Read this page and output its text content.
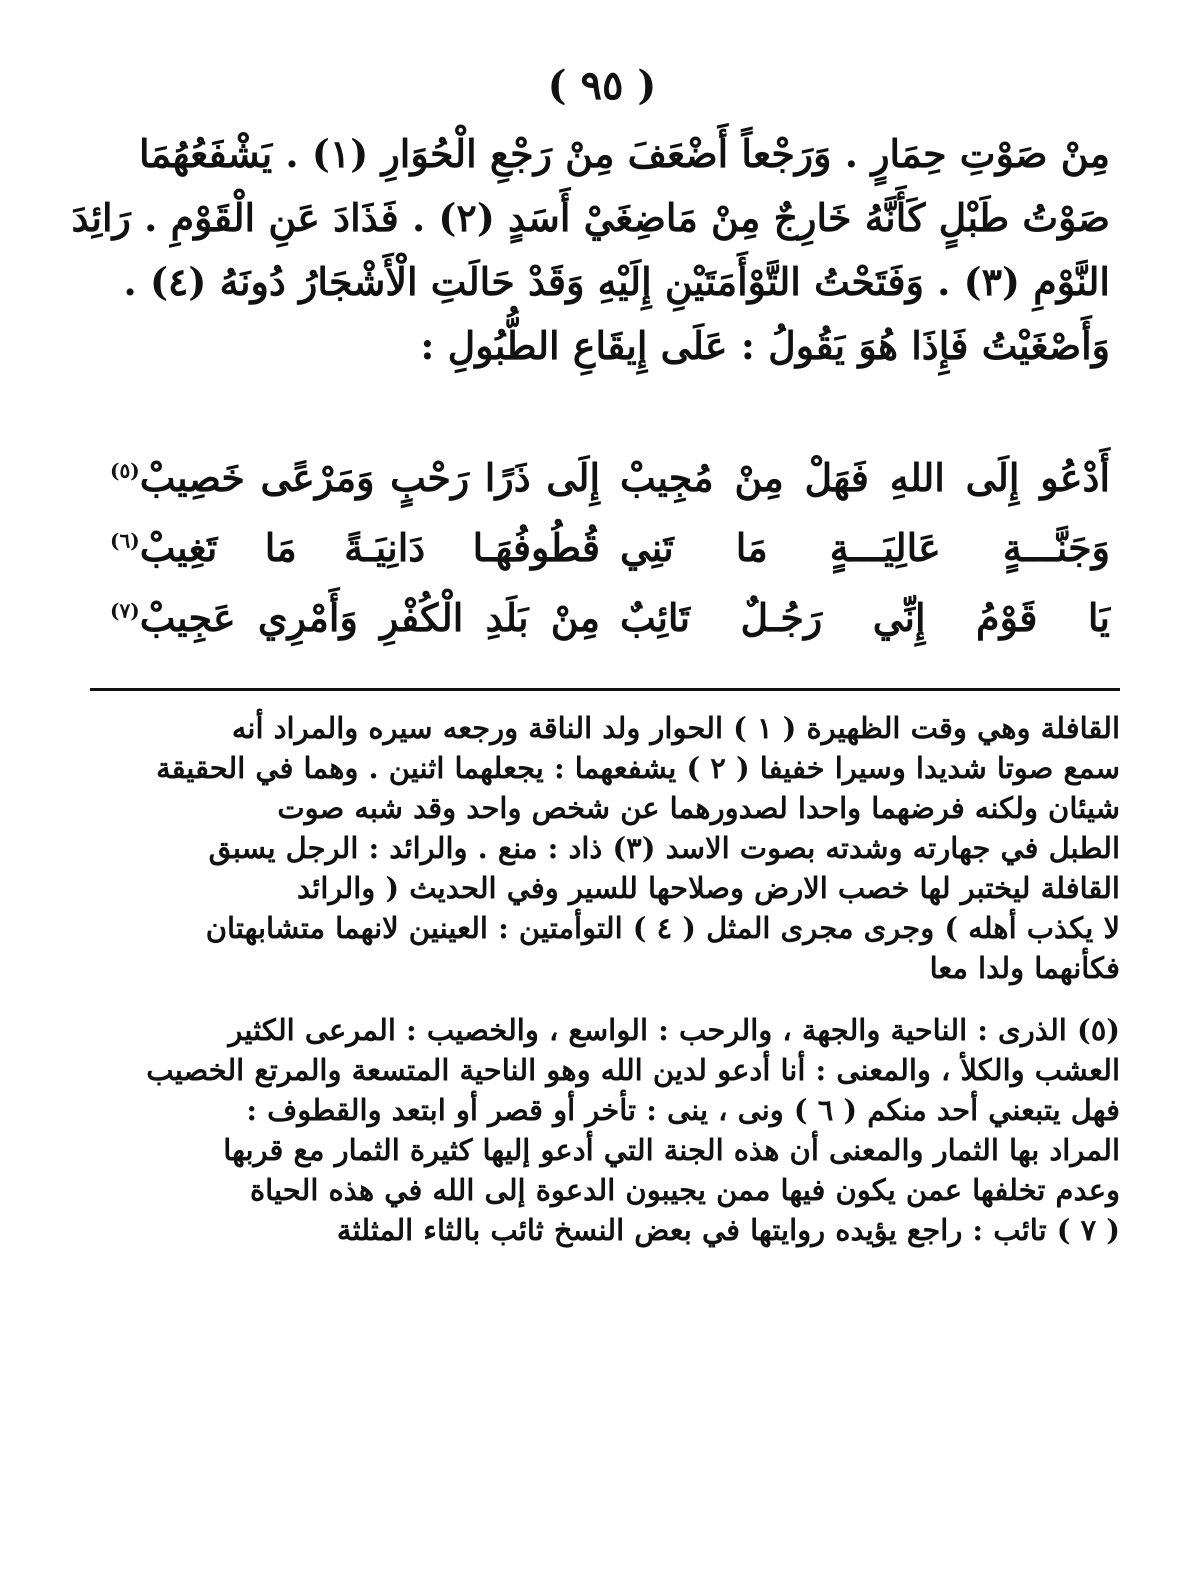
( ٩٥ )
مِنْ صَوْتِ حِمَارٍ . وَرَجْعاً أَضْعَفَ مِنْ رَجْعِ الْحُوَارِ (١) . يَشْفَعُهُمَا
صَوْتُ طَبْلٍ كَأَنَّهُ خَارِجٌ مِنْ مَاضِغَيْ أَسَدٍ (٢) . فَذَادَ عَنِ الْقَوْمِ . رَائِدَ
النَّوْمِ (٣) . وَفَتَحْتُ التَّوْأَمَتَيْنِ إِلَيْهِ وَقَدْ حَالَتِ الْأَشْجَارُ دُونَهُ (٤) .
وَأَصْغَيْتُ فَإِذَا هُوَ يَقُولُ : عَلَى إِيقَاعِ الطُّبُولِ :
أَدْعُو إِلَى اللهِ فَهَلْ مِنْ مُجِيبْ
إِلَى ذَرًا رَحْبٍ وَمَرْعًى خَصِيبْ$^{(٥)}$
وَجَنَّـــةٍ عَالِيَـــةٍ مَا تَنِي
قُطُوفُهَـا دَانِيَـةً مَا تَغِيبْ$^{(٦)}$
يَا قَوْمُ إِنِّي رَجُـلٌ تَائِبٌ
مِنْ بَلَدِ الْكُفْرِ وَأَمْرِي عَجِيبْ$^{(٧)}$
القافلة وهي وقت الظهيرة ( ١ ) الحوار ولد الناقة ورجعه سيره والمراد أنه
سمع صوتا شديدا وسيرا خفيفا ( ٢ ) يشفعهما : يجعلهما اثنين . وهما في الحقيقة
شيئان ولكنه فرضهما واحدا لصدورهما عن شخص واحد وقد شبه صوت
الطبل في جهارته وشدته بصوت الاسد (٣) ذاد : منع . والرائد : الرجل يسبق
القافلة ليختبر لها خصب الارض وصلاحها للسير وفي الحديث ( والرائد
لا يكذب أهله ) وجرى مجرى المثل ( ٤ ) التوأمتين : العينين لانهما متشابهتان
فكأنهما ولدا معا
(٥) الذرى : الناحية والجهة ، والرحب : الواسع ، والخصيب : المرعى الكثير
العشب والكلأ ، والمعنى : أنا أدعو لدين الله وهو الناحية المتسعة والمرتع الخصيب
فهل يتبعني أحد منكم ( ٦ ) ونى ، ينى : تأخر أو قصر أو ابتعد والقطوف :
المراد بها الثمار والمعنى أن هذه الجنة التي أدعو إليها كثيرة الثمار مع قربها
وعدم تخلفها عمن يكون فيها ممن يجيبون الدعوة إلى الله في هذه الحياة
( ٧ ) تائب : راجع يؤيده روايتها في بعض النسخ ثائب بالثاء المثلثة
